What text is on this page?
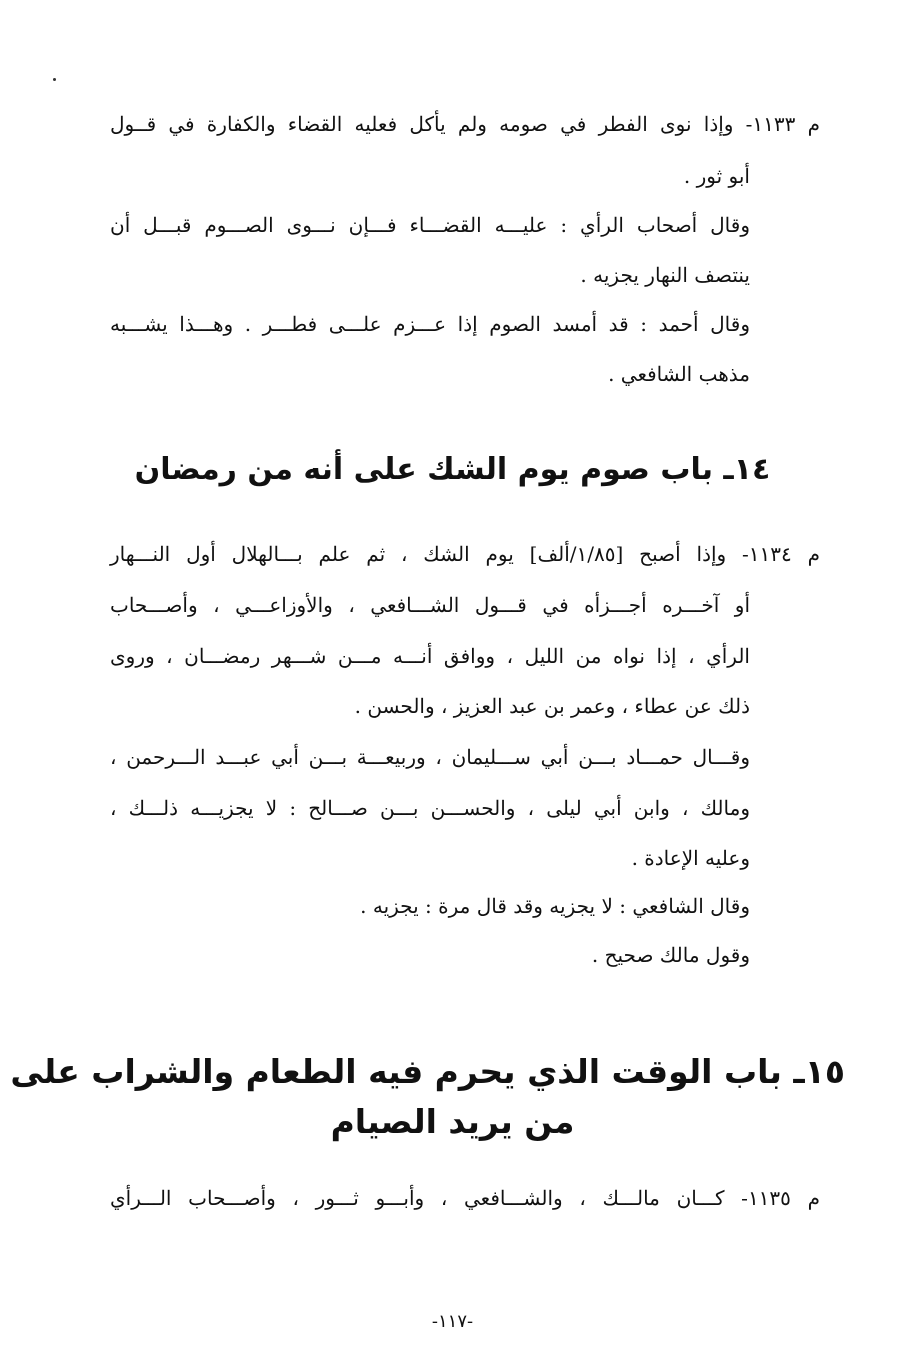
م ١١٣٣- وإذا نوى الفطر في صومه ولم يأكل فعليه القضاء والكفارة في قــول
أبو ثور .
وقال أصحاب الرأي : عليـــه القضـــاء فـــإن نـــوى الصـــوم قبـــل أن
ينتصف النهار يجزيه .
وقال أحمد : قد أمسد الصوم إذا عـــزم علـــى فطـــر . وهـــذا يشـــبه
مذهب الشافعي .
١٤ـ باب صوم يوم الشك على أنه من رمضان
م ١١٣٤- وإذا أصبح [١/٨٥/ألف] يوم الشك ، ثم علم بـــالهلال أول النـــهار
أو آخـــره أجـــزأه في قـــول الشـــافعي ، والأوزاعـــي ، وأصـــحاب
الرأي ، إذا نواه من الليل ، ووافق أنـــه مـــن شـــهر رمضـــان ، وروى
ذلك عن عطاء ، وعمر بن عبد العزيز ، والحسن .
وقـــال حمـــاد بـــن أبي ســـليمان ، وربيعـــة بـــن أبي عبـــد الـــرحمن ،
ومالك ، وابن أبي ليلى ، والحســـن بـــن صـــالح : لا يجزيـــه ذلـــك ،
وعليه الإعادة .
وقال الشافعي : لا يجزيه وقد قال مرة : يجزيه .
وقول مالك صحيح .
١٥ـ باب الوقت الذي يحرم فيه الطعام والشراب على
من يريد الصيام
م ١١٣٥- كـــان مالـــك ، والشـــافعي ، وأبـــو ثـــور ، وأصـــحاب الـــرأي
-١١٧-
